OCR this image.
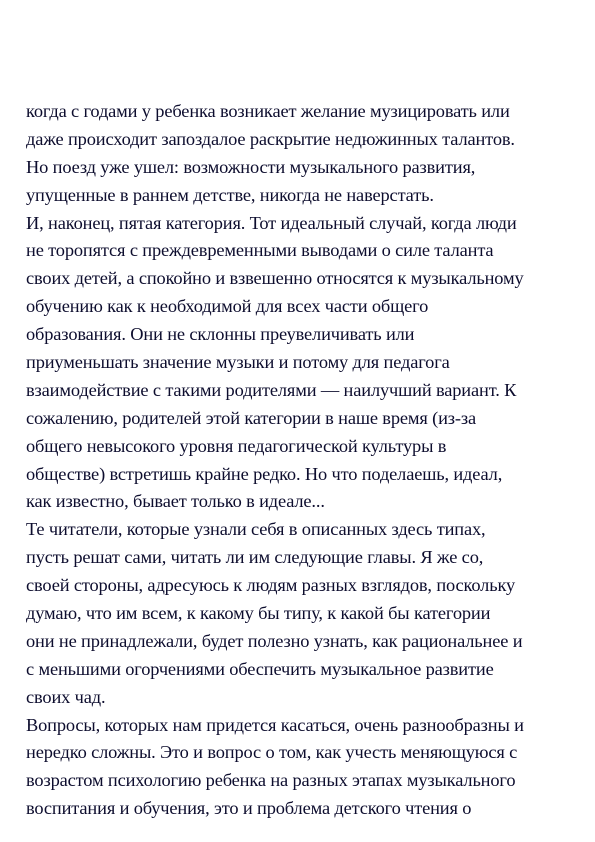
когда с годами у ребенка возникает желание музицировать или
даже происходит запоздалое раскрытие недюжинных талантов.
Но поезд уже ушел: возможности музыкального развития,
упущенные в раннем детстве, никогда не наверстать.
И, наконец, пятая категория. Тот идеальный случай, когда люди
не торопятся с преждевременными выводами о силе таланта
своих детей, а спокойно и взвешенно относятся к музыкальному
обучению как к необходимой для всех части общего
образования. Они не склонны преувеличивать или
приуменьшать значение музыки и потому для педагога
взаимодействие с такими родителями — наилучший вариант. К
сожалению, родителей этой категории в наше время (из-за
общего невысокого уровня педагогической культуры в
обществе) встретишь крайне редко. Но что поделаешь, идеал,
как известно, бывает только в идеале...
Те читатели, которые узнали себя в описанных здесь типах,
пусть решат сами, читать ли им следующие главы. Я же со,
своей стороны, адресуюсь к людям разных взглядов, поскольку
думаю, что им всем, к какому бы типу, к какой бы категории
они не принадлежали, будет полезно узнать, как рациональнее и
с меньшими огорчениями обеспечить музыкальное развитие
своих чад.
Вопросы, которых нам придется касаться, очень разнообразны и
нередко сложны. Это и вопрос о том, как учесть меняющуюся с
возрастом психологию ребенка на разных этапах музыкального
воспитания и обучения, это и проблема детского чтения о
